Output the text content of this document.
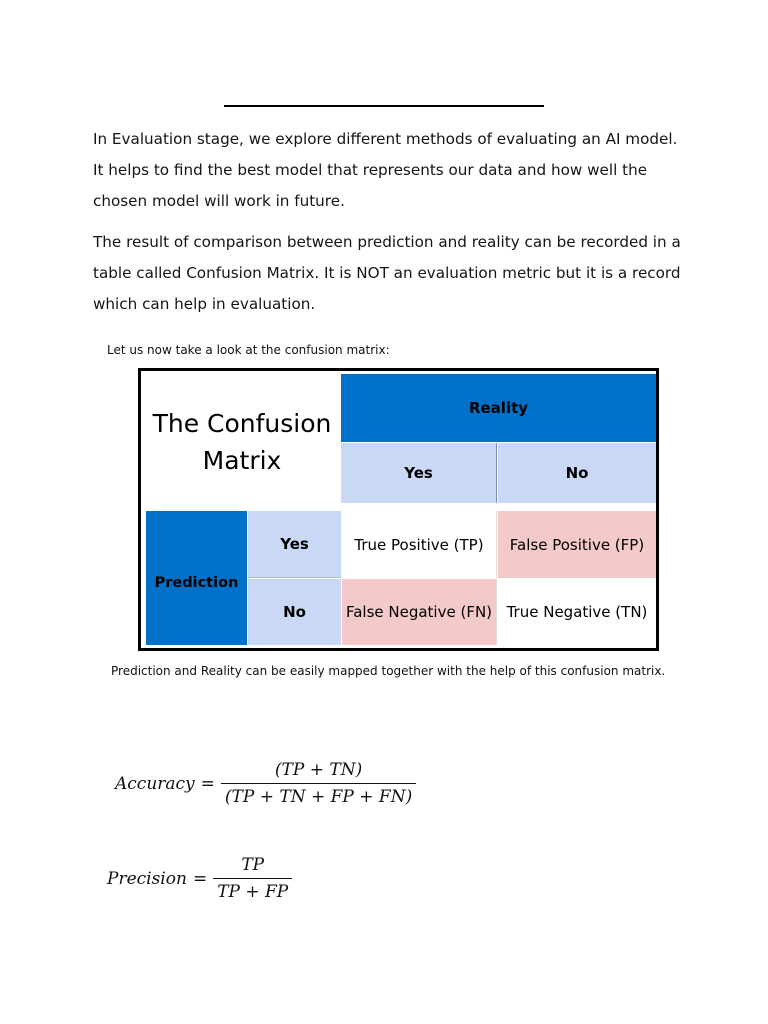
In Evaluation stage, we explore different methods of evaluating an AI model. It helps to find the best model that represents our data and how well the chosen model will work in future.

The result of comparison between prediction and reality can be recorded in a table called Confusion Matrix. It is NOT an evaluation metric but it is a record which can help in evaluation.

Let us now take a look at the confusion matrix:

The Confusion
Matrix
Reality
Yes	No
Prediction
Yes
No
True Positive (TP)	False Positive (FP)
False Negative (FN) True Negative (TN)

Prediction and Reality can be easily mapped together with the help of this confusion matrix.

Accuracy = $\frac{(TP + TN)}{(TP + TN + FP + FN)}$
Precision = $\frac{TP}{TP + FP}$
